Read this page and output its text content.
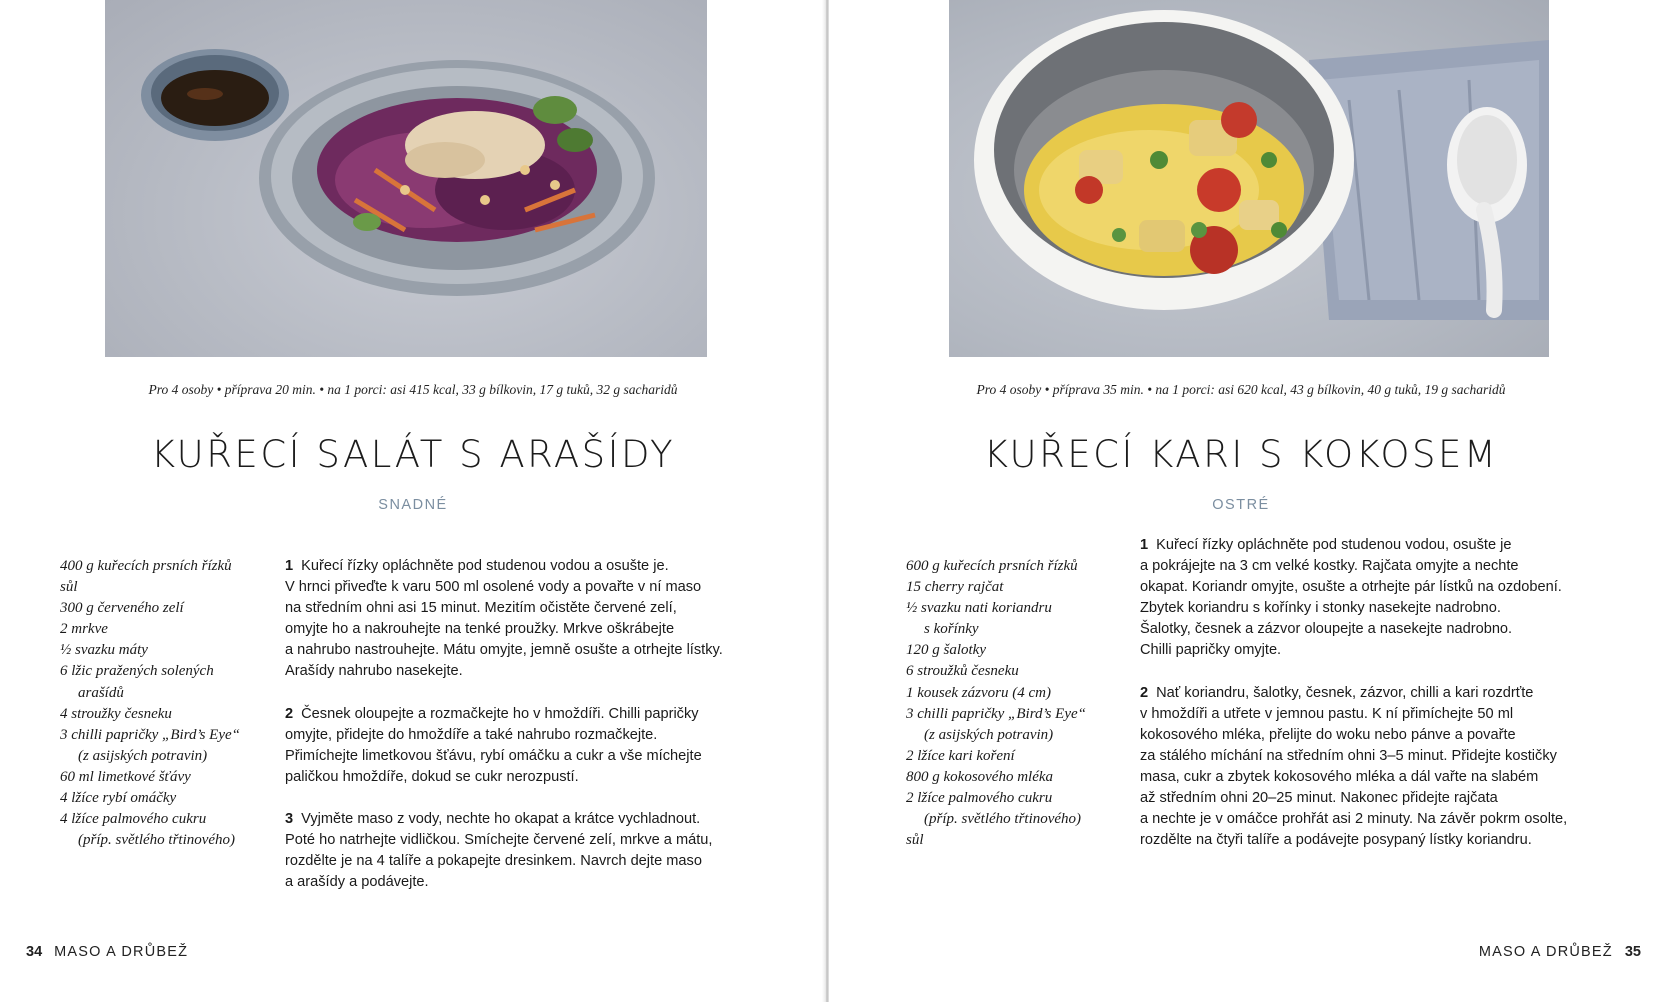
Pro 4 osoby • příprava 20 min. • na 1 porci: asi 415 kcal, 33 g bílkovin, 17 g tuků, 32 g sacharidů
KUŘECÍ SALÁT S ARAŠÍDY
SNADNÉ
400 g kuřecích prsních řízků
sůl
300 g červeného zelí
2 mrkve
½ svazku máty
6 lžic pražených solených
arašídů
4 stroužky česneku
3 chilli papričky „Bird’s Eye“
(z asijských potravin)
60 ml limetkové šťávy
4 lžíce rybí omáčky
4 lžíce palmového cukru
(příp. světlého třtinového)

1 Kuřecí řízky opláchněte pod studenou vodou a osušte je.
V hrnci přiveďte k varu 500 ml osolené vody a povařte v ní maso
na středním ohni asi 15 minut. Mezitím očistěte červené zelí,
omyjte ho a nakrouhejte na tenké proužky. Mrkve oškrábejte
a nahrubo nastrouhejte. Mátu omyjte, jemně osušte a otrhejte lístky.
Arašídy nahrubo nasekejte.

2 Česnek oloupejte a rozmačkejte ho v hmoždíři. Chilli papričky
omyjte, přidejte do hmoždíře a také nahrubo rozmačkejte.
Přimíchejte limetkovou šťávu, rybí omáčku a cukr a vše míchejte
paličkou hmoždíře, dokud se cukr nerozpustí.

3 Vyjměte maso z vody, nechte ho okapat a krátce vychladnout.
Poté ho natrhejte vidličkou. Smíchejte červené zelí, mrkve a mátu,
rozdělte je na 4 talíře a pokapejte dresinkem. Navrch dejte maso
a arašídy a podávejte.

34 MASO A DRŮBEŽ
Pro 4 osoby • příprava 35 min. • na 1 porci: asi 620 kcal, 43 g bílkovin, 40 g tuků, 19 g sacharidů
KUŘECÍ KARI S KOKOSEM
OSTRÉ
600 g kuřecích prsních řízků
15 cherry rajčat
½ svazku nati koriandru
s kořínky
120 g šalotky
6 stroužků česneku
1 kousek zázvoru (4 cm)
3 chilli papričky „Bird’s Eye“
(z asijských potravin)
2 lžíce kari koření
800 g kokosového mléka
2 lžíce palmového cukru
(příp. světlého třtinového)
sůl

1 Kuřecí řízky opláchněte pod studenou vodou, osušte je
a pokrájejte na 3 cm velké kostky. Rajčata omyjte a nechte
okapat. Koriandr omyjte, osušte a otrhejte pár lístků na ozdobení.
Zbytek koriandru s kořínky i stonky nasekejte nadrobno.
Šalotky, česnek a zázvor oloupejte a nasekejte nadrobno.
Chilli papričky omyjte.

2 Nať koriandru, šalotky, česnek, zázvor, chilli a kari rozdrťte
v hmoždíři a utřete v jemnou pastu. K ní přimíchejte 50 ml
kokosového mléka, přelijte do woku nebo pánve a povařte
za stálého míchání na středním ohni 3–5 minut. Přidejte kostičky
masa, cukr a zbytek kokosového mléka a dál vařte na slabém
až středním ohni 20–25 minut. Nakonec přidejte rajčata
a nechte je v omáčce prohřát asi 2 minuty. Na závěr pokrm osolte,
rozdělte na čtyři talíře a podávejte posypaný lístky koriandru.

MASO A DRŮBEŽ 35
